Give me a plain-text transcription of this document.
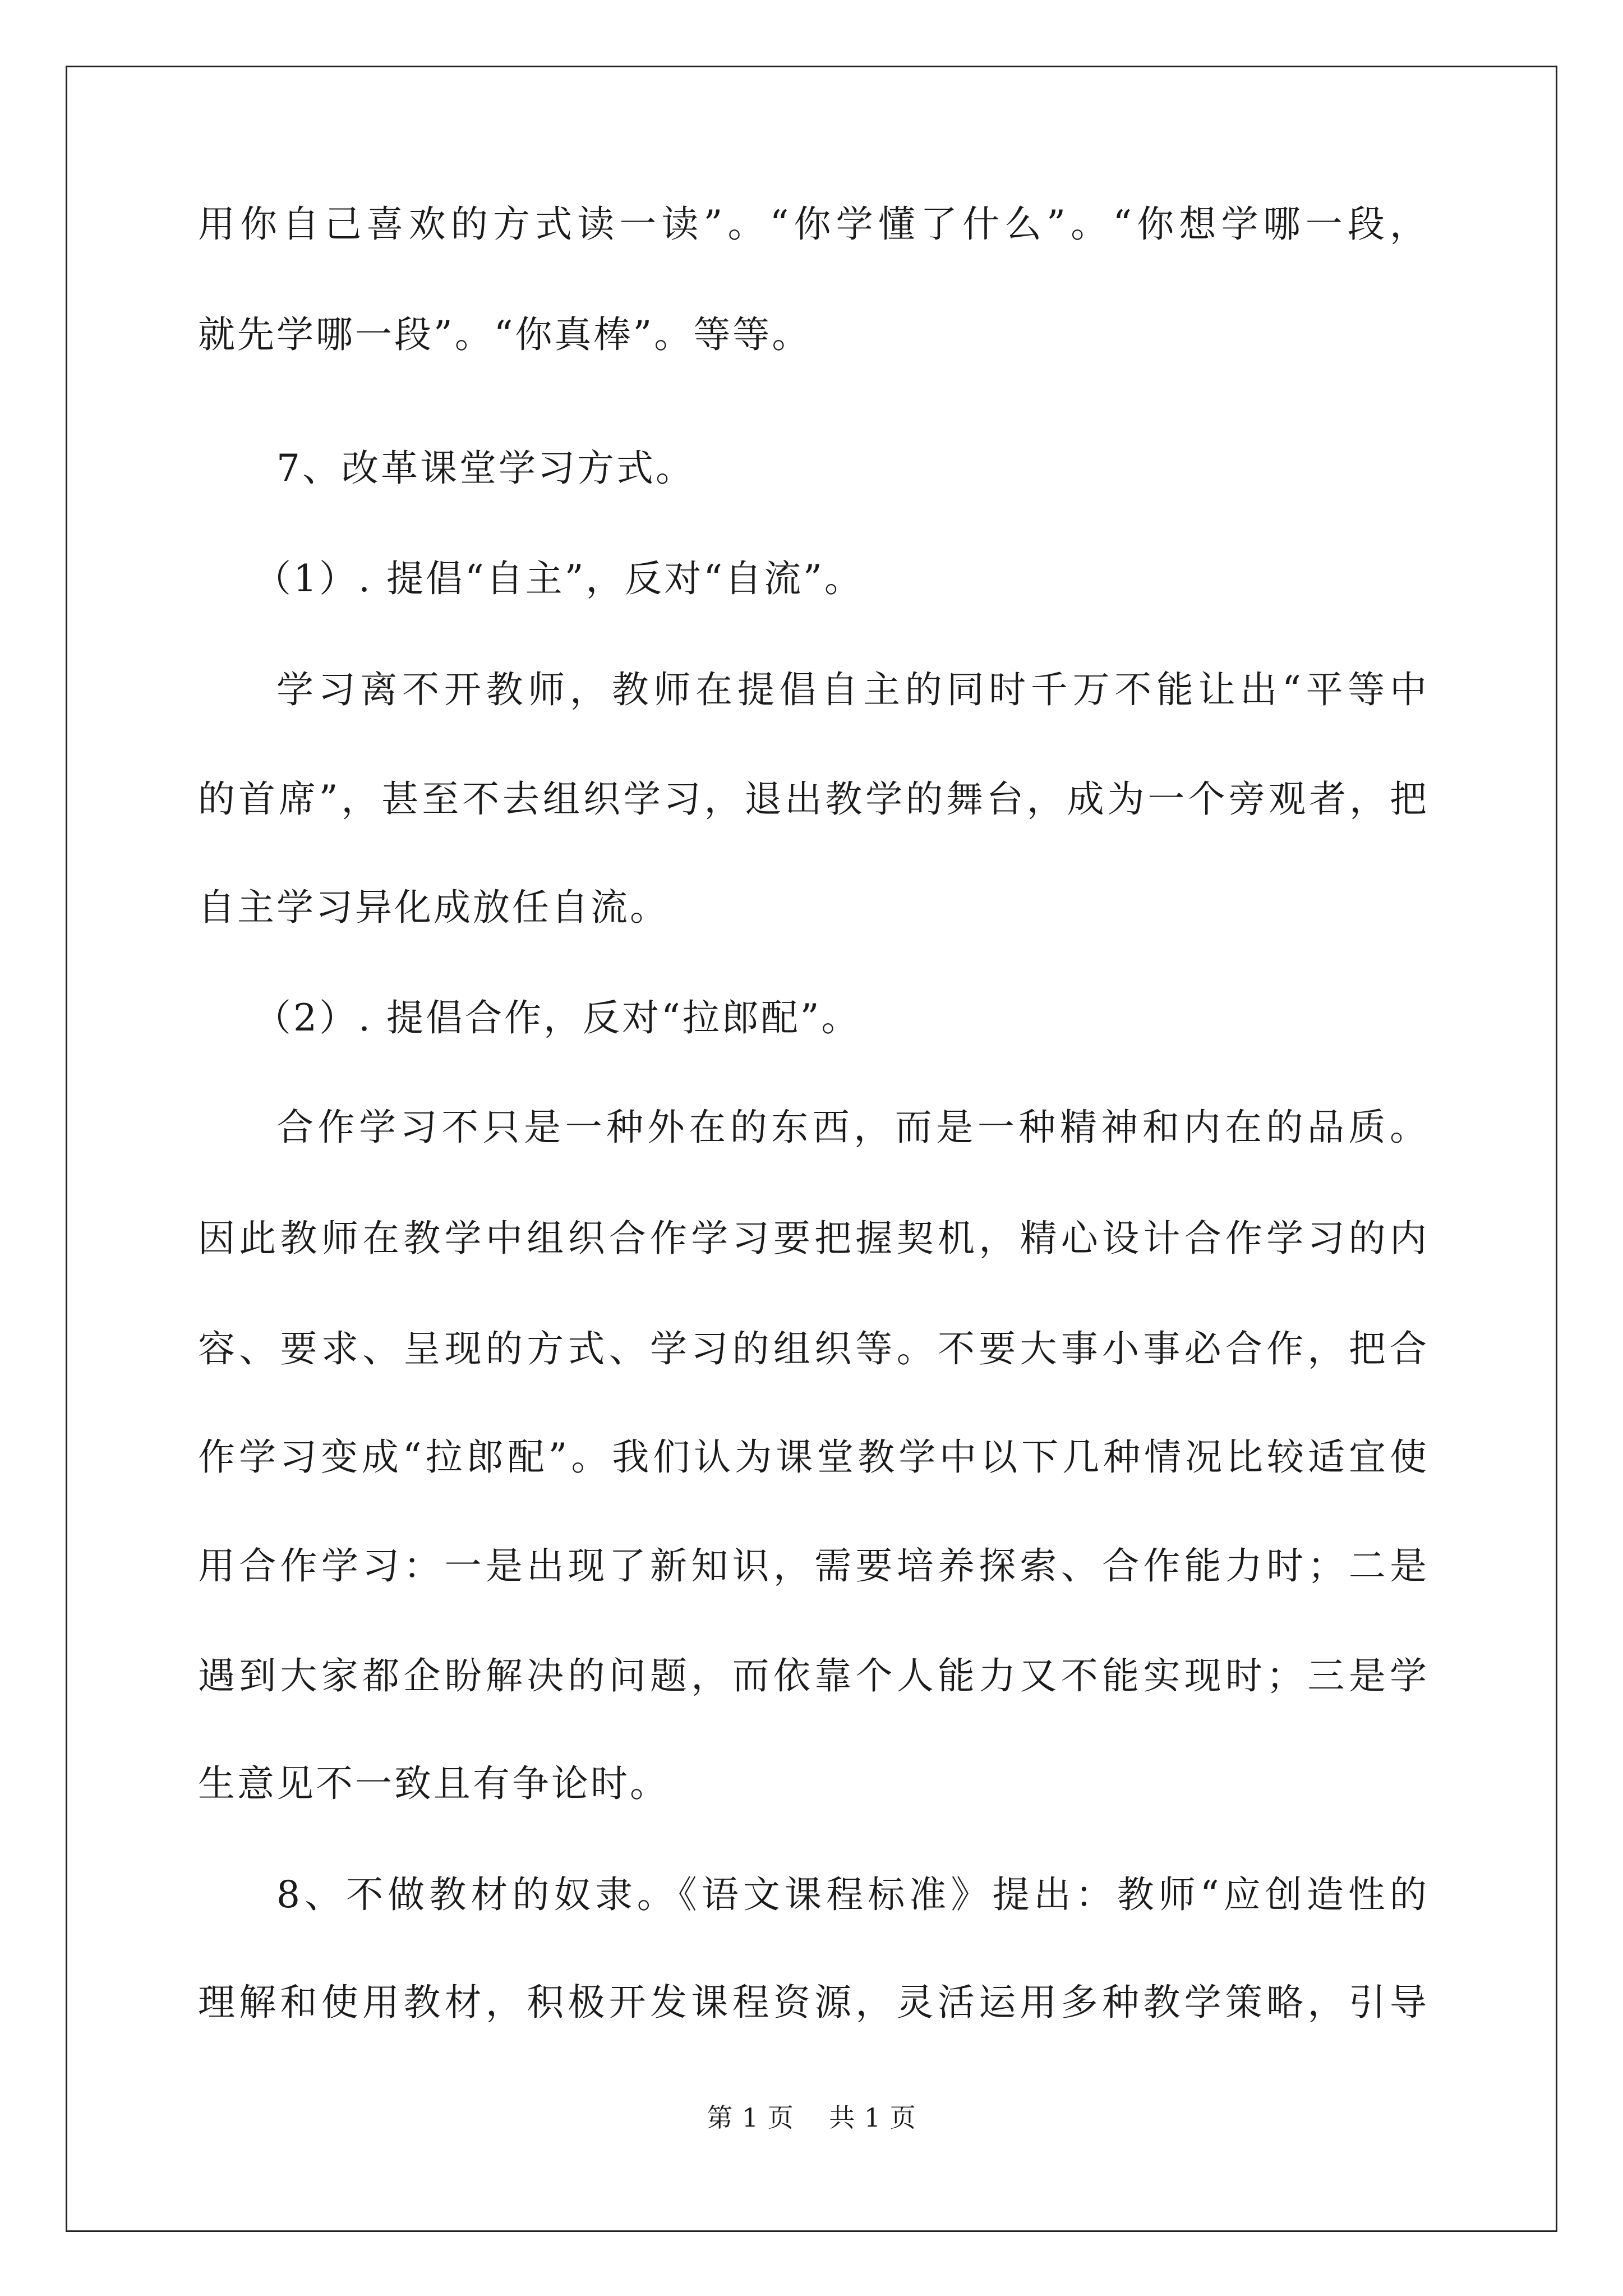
用你自己喜欢的方式读一读”。“你学懂了什么”。“你想学哪一段，
就先学哪一段”。“你真棒”。等等。
7、改革课堂学习方式。
（1）. 提倡“自主”，反对“自流”。
学习离不开教师，教师在提倡自主的同时千万不能让出“平等中
的首席”，甚至不去组织学习，退出教学的舞台，成为一个旁观者，把
自主学习异化成放任自流。
（2）. 提倡合作，反对“拉郎配”。
合作学习不只是一种外在的东西，而是一种精神和内在的品质。
因此教师在教学中组织合作学习要把握契机，精心设计合作学习的内
容、要求、呈现的方式、学习的组织等。不要大事小事必合作，把合
作学习变成“拉郎配”。我们认为课堂教学中以下几种情况比较适宜使
用合作学习：一是出现了新知识，需要培养探索、合作能力时；二是
遇到大家都企盼解决的问题，而依靠个人能力又不能实现时；三是学
生意见不一致且有争论时。
8、不做教材的奴隶。《语文课程标准》提出：教师“应创造性的
理解和使用教材，积极开发课程资源，灵活运用多种教学策略，引导
第 1 页 共 1 页
